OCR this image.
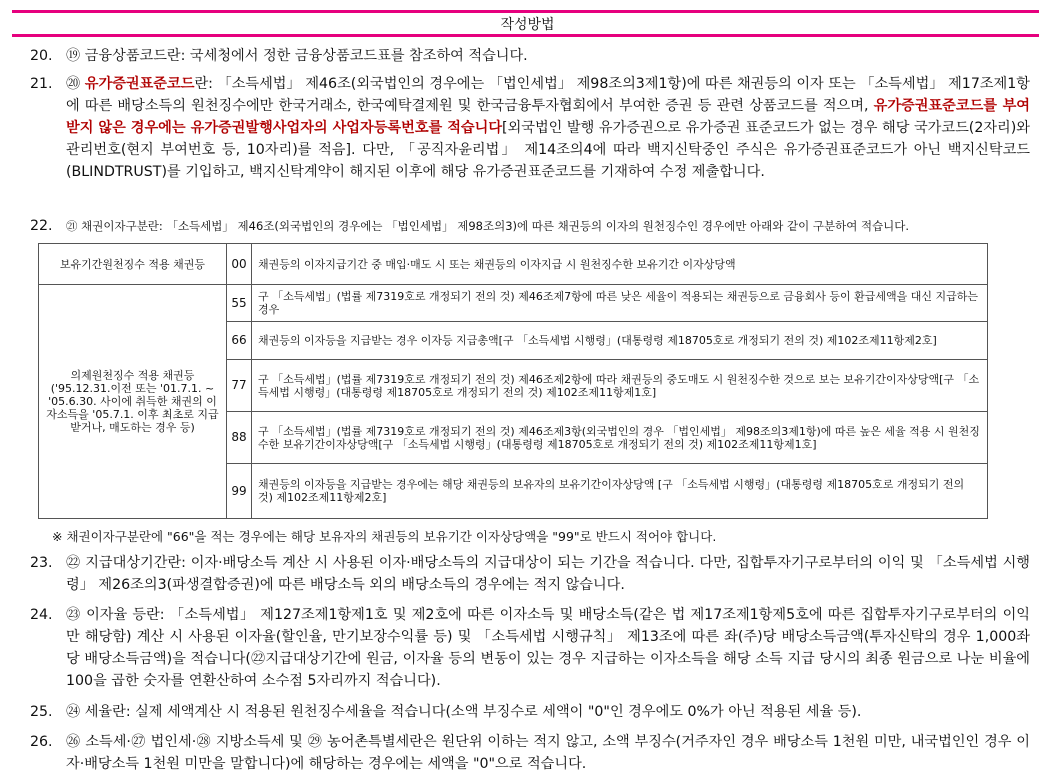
작성방법
20. ⑲ 금융상품코드란: 국세청에서 정한 금융상품코드표를 참조하여 적습니다.
21. ⑳ 유가증권표준코드란: 「소득세법」 제46조(외국법인의 경우에는 「법인세법」 제98조의3제1항)에 따른 채권등의 이자 또는 「소득세법」 제17조제1항에 따른 배당소득의 원천징수에만 한국거래소, 한국예탁결제원 및 한국금융투자협회에서 부여한 증권 등 관련 상품코드를 적으며, 유가증권표준코드를 부여받지 않은 경우에는 유가증권발행사업자의 사업자등록번호를 적습니다[외국법인 발행 유가증권으로 유가증권 표준코드가 없는 경우 해당 국가코드(2자리)와 관리번호(현지 부여번호 등, 10자리)를 적음]. 다만, 「공직자윤리법」 제14조의4에 따라 백지신탁중인 주식은 유가증권표준코드가 아닌 백지신탁코드(BLINDTRUST)를 기입하고, 백지신탁계약이 해지된 이후에 해당 유가증권표준코드를 기재하여 수정 제출합니다.
22.	㉑ 채권이자구분란: 「소득세법」 제46조(외국법인의 경우에는 「법인세법」 제98조의3)에 따른 채권등의 이자의 원천징수인 경우에만 아래와 같이 구분하여 적습니다.
보유기간원천징수 적용 채권등	00	채권등의 이자지급기간 중 매입·매도 시 또는 채권등의 이자지급 시 원천징수한 보유기간 이자상당액
의제원천징수 적용 채권등 ('95.12.31.이전 또는 '01.7.1. ~ '05.6.30. 사이에 취득한 채권의 이자소득을 '05.7.1. 이후 최초로 지급받거나, 매도하는 경우 등)	55	구 「소득세법」(법률 제7319호로 개정되기 전의 것) 제46조제7항에 따른 낮은 세율이 적용되는 채권등으로 금융회사 등이 환급세액을 대신 지급하는 경우
	66	채권등의 이자등을 지급받는 경우 이자등 지급총액[구 「소득세법 시행령」(대통령령 제18705호로 개정되기 전의 것) 제102조제11항제2호]
	77	구 「소득세법」(법률 제7319호로 개정되기 전의 것) 제46조제2항에 따라 채권등의 중도매도 시 원천징수한 것으로 보는 보유기간이자상당액[구 「소득세법 시행령」(대통령령 제18705호로 개정되기 전의 것) 제102조제11항제1호]
	88	구 「소득세법」(법률 제7319호로 개정되기 전의 것) 제46조제3항(외국법인의 경우 「법인세법」 제98조의3제1항)에 따른 높은 세율 적용 시 원천징수한 보유기간이자상당액[구 「소득세법 시행령」(대통령령 제18705호로 개정되기 전의 것) 제102조제11항제1호]
	99	채권등의 이자등을 지급받는 경우에는 해당 채권등의 보유자의 보유기간이자상당액 [구 「소득세법 시행령」(대통령령 제18705호로 개정되기 전의 것) 제102조제11항제2호]
※ 채권이자구분란에 "66"을 적는 경우에는 해당 보유자의 채권등의 보유기간 이자상당액을 "99"로 반드시 적어야 합니다.
23. ㉒ 지급대상기간란: 이자·배당소득 계산 시 사용된 이자·배당소득의 지급대상이 되는 기간을 적습니다. 다만, 집합투자기구로부터의 이익 및 「소득세법 시행령」 제26조의3(파생결합증권)에 따른 배당소득 외의 배당소득의 경우에는 적지 않습니다.
24. ㉓ 이자율 등란: 「소득세법」 제127조제1항제1호 및 제2호에 따른 이자소득 및 배당소득(같은 법 제17조제1항제5호에 따른 집합투자기구로부터의 이익만 해당함) 계산 시 사용된 이자율(할인율, 만기보장수익률 등) 및 「소득세법 시행규칙」 제13조에 따른 좌(주)당 배당소득금액(투자신탁의 경우 1,000좌당 배당소득금액)을 적습니다(㉒지급대상기간에 원금, 이자율 등의 변동이 있는 경우 지급하는 이자소득을 해당 소득 지급 당시의 최종 원금으로 나눈 비율에 100을 곱한 숫자를 연환산하여 소수점 5자리까지 적습니다).
25. ㉔ 세율란: 실제 세액계산 시 적용된 원천징수세율을 적습니다(소액 부징수로 세액이 "0"인 경우에도 0%가 아닌 적용된 세율 등).
26. ㉖ 소득세·㉗ 법인세·㉘ 지방소득세 및 ㉙ 농어촌특별세란은 원단위 이하는 적지 않고, 소액 부징수(거주자인 경우 배당소득 1천원 미만, 내국법인인 경우 이자·배당소득 1천원 미만을 말합니다)에 해당하는 경우에는 세액을 "0"으로 적습니다.
